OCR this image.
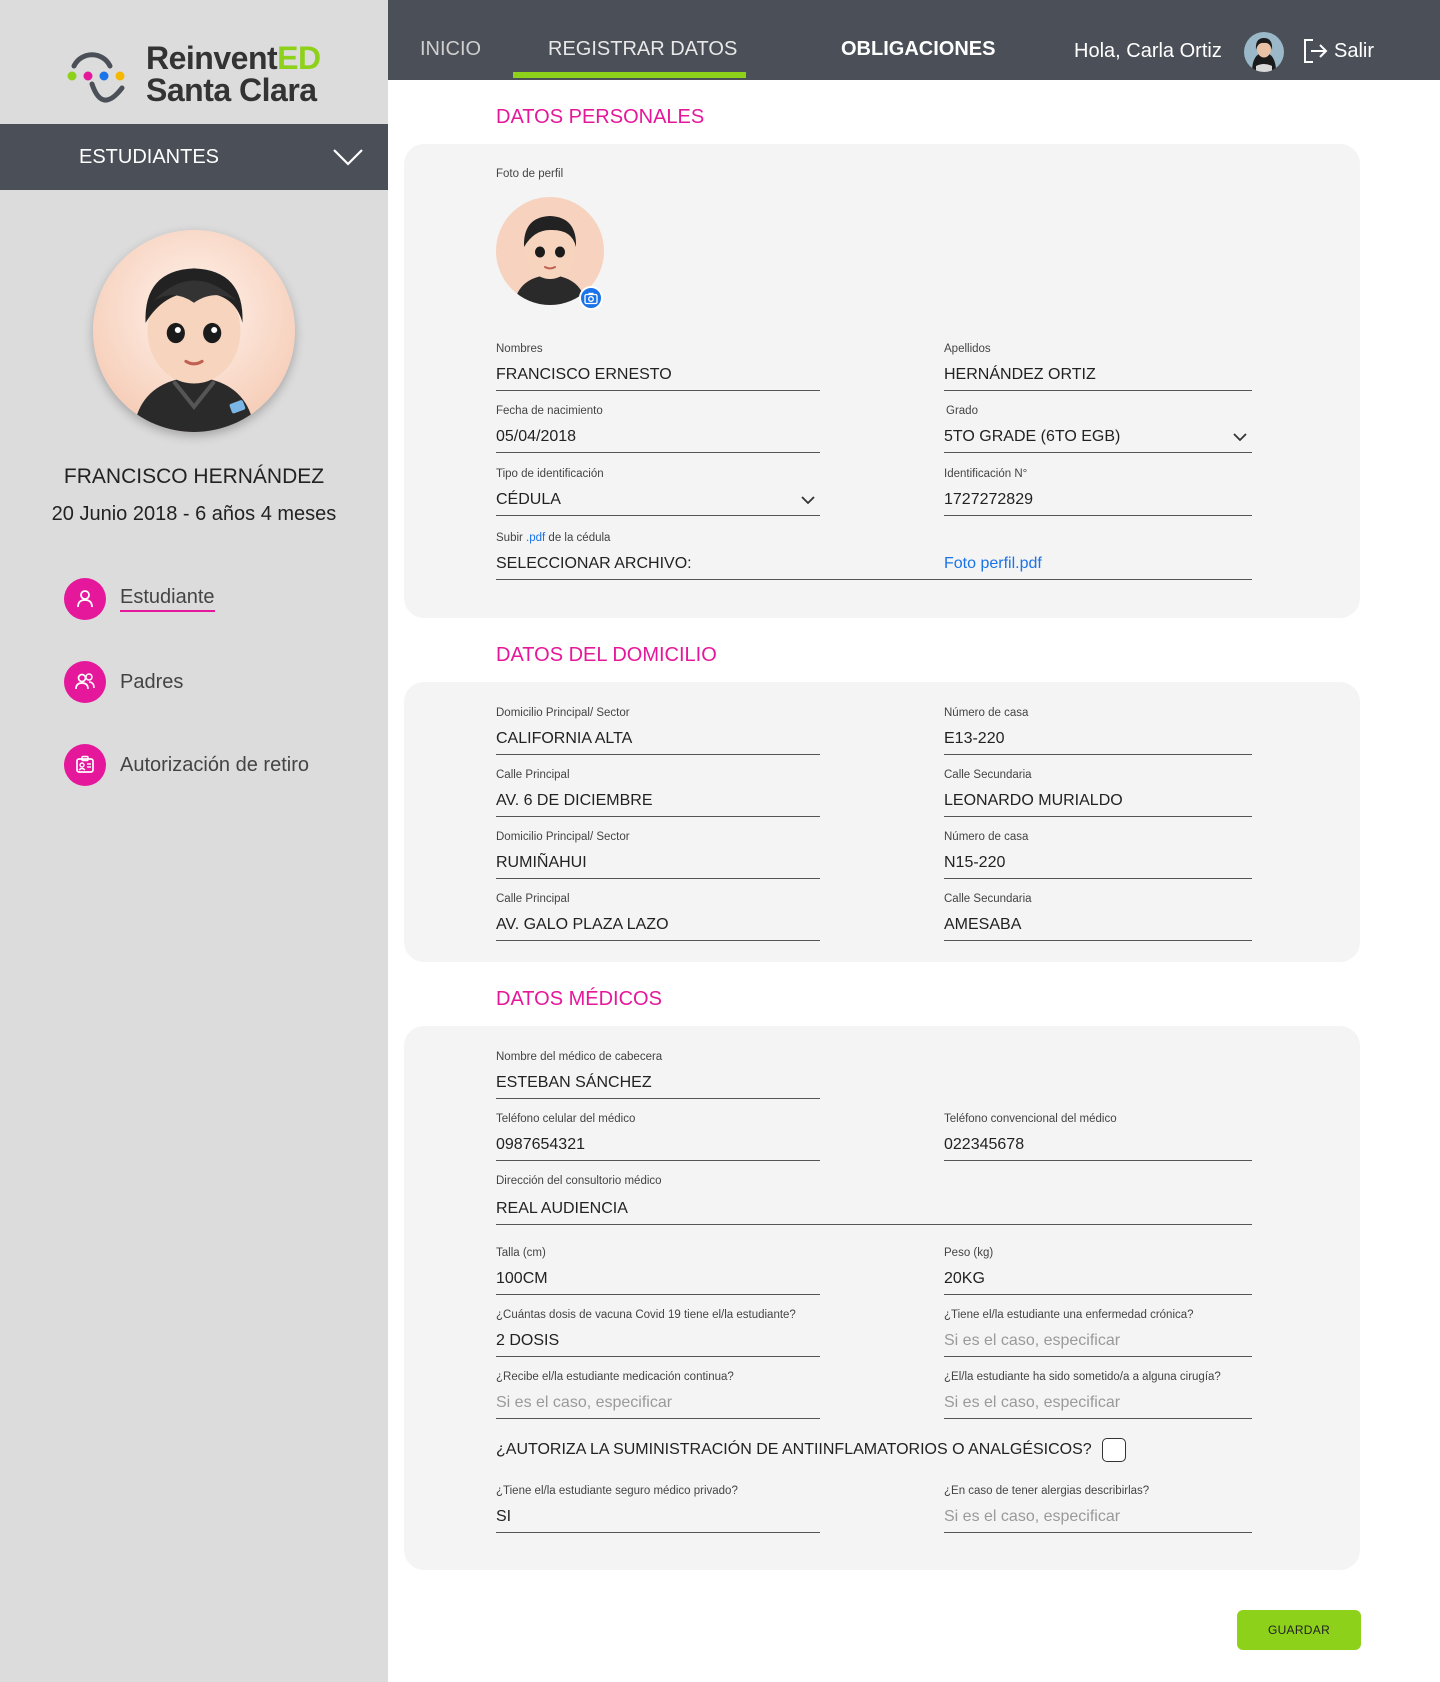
ReinventED
Santa Clara
ESTUDIANTES
FRANCISCO HERNÁNDEZ
20 Junio 2018 - 6 años 4 meses
Estudiante
Padres
Autorización de retiro
INICIO	REGISTRAR DATOS	OBLIGACIONES	Hola, Carla Ortiz	Salir
DATOS PERSONALES
Foto de perfil
Nombres
FRANCISCO ERNESTO
Apellidos
HERNÁNDEZ ORTIZ
Fecha de nacimiento
05/04/2018
Grado
5TO GRADE (6TO EGB)
Tipo de identificación
CÉDULA
Identificación N°
1727272829
Subir .pdf de la cédula
SELECCIONAR ARCHIVO:	Foto perfil.pdf
DATOS DEL DOMICILIO
Domicilio Principal/ Sector
CALIFORNIA ALTA
Número de casa
E13-220
Calle Principal
AV. 6 DE DICIEMBRE
Calle Secundaria
LEONARDO MURIALDO
Domicilio Principal/ Sector
RUMIÑAHUI
Número de casa
N15-220
Calle Principal
AV. GALO PLAZA LAZO
Calle Secundaria
AMESABA
DATOS MÉDICOS
Nombre del médico de cabecera
ESTEBAN SÁNCHEZ
Teléfono celular del médico
0987654321
Teléfono convencional del médico
022345678
Dirección del consultorio médico
REAL AUDIENCIA
Talla (cm)
100CM
Peso (kg)
20KG
¿Cuántas dosis de vacuna Covid 19 tiene el/la estudiante?
2 DOSIS
¿Tiene el/la estudiante una enfermedad crónica?
Si es el caso, especificar
¿Recibe el/la estudiante medicación continua?
Si es el caso, especificar
¿El/la estudiante ha sido sometido/a a alguna cirugía?
Si es el caso, especificar
¿AUTORIZA LA SUMINISTRACIÓN DE ANTIINFLAMATORIOS O ANALGÉSICOS?
¿Tiene el/la estudiante seguro médico privado?
SI
¿En caso de tener alergias describirlas?
Si es el caso, especificar
GUARDAR
